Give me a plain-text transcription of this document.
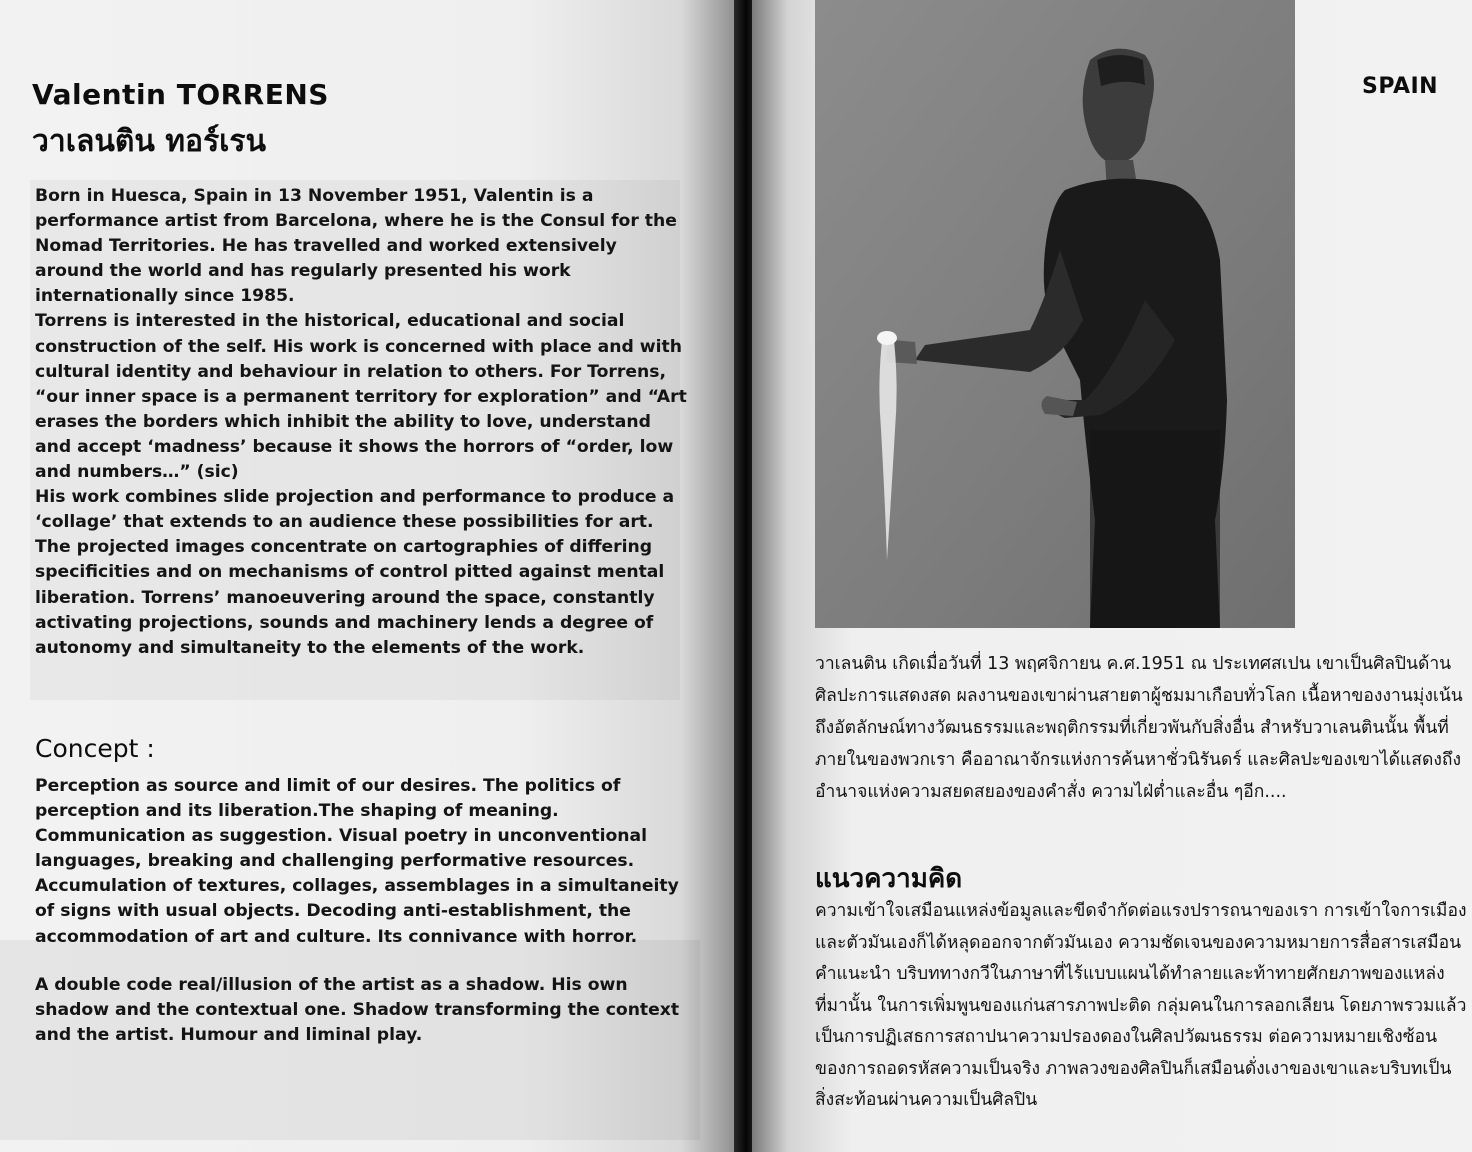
Valentin TORRENS
วาเลนติน ทอร์เรน

Born in Huesca, Spain in 13 November 1951, Valentin is a performance artist from Barcelona, where he is the Consul for the Nomad Territories. He has travelled and worked extensively around the world and has regularly presented his work internationally since 1985.

Torrens is interested in the historical, educational and social construction of the self. His work is concerned with place and with cultural identity and behaviour in relation to others. For Torrens, “our inner space is a permanent territory for exploration” and “Art erases the borders which inhibit the ability to love, understand and accept ‘madness’ because it shows the horrors of “order, low and numbers…” (sic)

His work combines slide projection and performance to produce a ‘collage’ that extends to an audience these possibilities for art. The projected images concentrate on cartographies of differing specificities and on mechanisms of control pitted against mental liberation. Torrens’ manoeuvering around the space, constantly activating projections, sounds and machinery lends a degree of autonomy and simultaneity to the elements of the work.

Concept :

Perception as source and limit of our desires. The politics of perception and its liberation.The shaping of meaning. Communication as suggestion. Visual poetry in unconventional languages, breaking and challenging performative resources. Accumulation of textures, collages, assemblages in a simultaneity of signs with usual objects. Decoding anti-establishment, the accommodation of art and culture. Its connivance with horror.

A double code real/illusion of the artist as a shadow. His own shadow and the contextual one. Shadow transforming the context and the artist. Humour and liminal play.

SPAIN

วาเลนติน เกิดเมื่อวันที่ 13 พฤศจิกายน ค.ศ.1951 ณ ประเทศสเปน เขาเป็นศิลปินด้านศิลปะการแสดงสด ผลงานของเขาผ่านสายตาผู้ชมมาเกือบทั่วโลก เนื้อหาของงานมุ่งเน้นถึงอัตลักษณ์ทางวัฒนธรรมและพฤติกรรมที่เกี่ยวพันกับสิ่งอื่น สำหรับวาเลนตินนั้น พื้นที่ภายในของพวกเรา คืออาณาจักรแห่งการค้นหาชั่วนิรันดร์ และศิลปะของเขาได้แสดงถึงอำนาจแห่งความสยดสยองของคำสั่ง ความไฝ่ต่ำและอื่น ๆอีก....

แนวความคิด

ความเข้าใจเสมือนแหล่งข้อมูลและขีดจำกัดต่อแรงปรารถนาของเรา การเข้าใจการเมืองและตัวมันเองก็ได้หลุดออกจากตัวมันเอง ความชัดเจนของความหมายการสื่อสารเสมือนคำแนะนำ บริบททางกวีในภาษาที่ไร้แบบแผนได้ทำลายและท้าทายศักยภาพของแหล่งที่มานั้น ในการเพิ่มพูนของแก่นสารภาพปะติด กลุ่มคนในการลอกเลียน โดยภาพรวมแล้วเป็นการปฏิเสธการสถาปนาความปรองดองในศิลปวัฒนธรรม ต่อความหมายเชิงซ้อนของการถอดรหัสความเป็นจริง ภาพลวงของศิลปินก็เสมือนดั่งเงาของเขาและบริบทเป็นสิ่งสะท้อนผ่านความเป็นศิลปิน
